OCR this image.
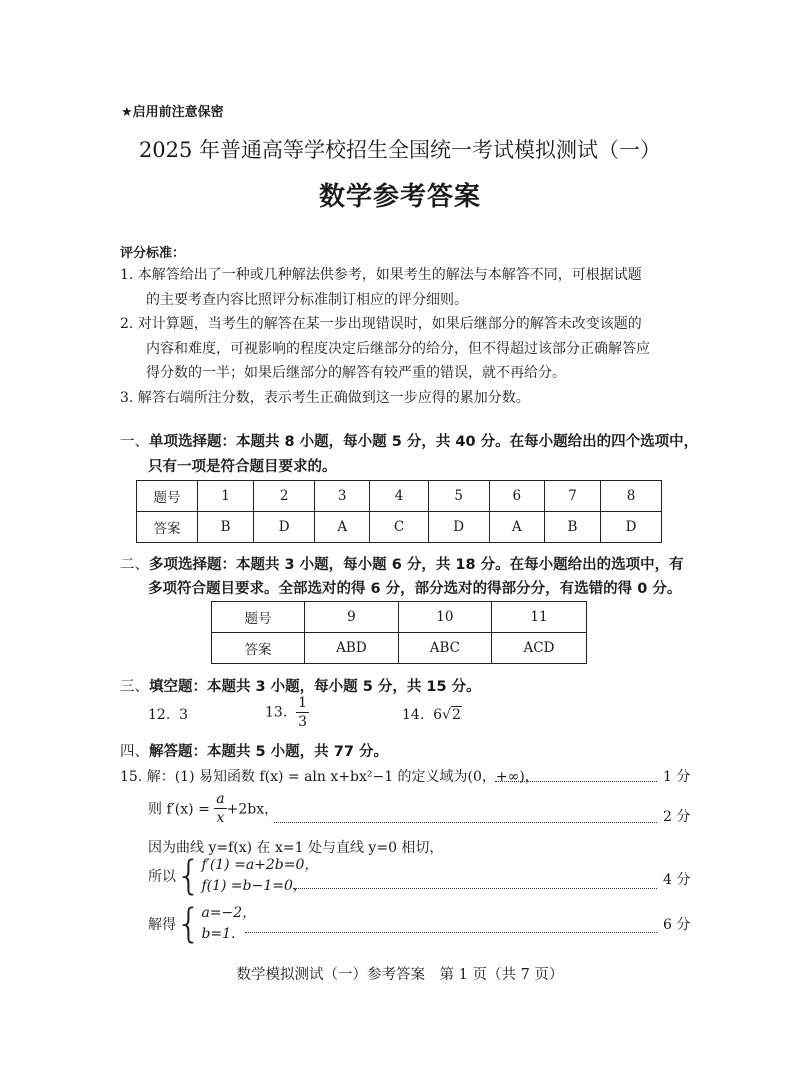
★启用前注意保密
2025 年普通高等学校招生全国统一考试模拟测试（一）
数学参考答案
评分标准：
1. 本解答给出了一种或几种解法供参考，如果考生的解法与本解答不同，可根据试题
的主要考查内容比照评分标准制订相应的评分细则。
2. 对计算题，当考生的解答在某一步出现错误时，如果后继部分的解答未改变该题的
内容和难度，可视影响的程度决定后继部分的给分，但不得超过该部分正确解答应
得分数的一半；如果后继部分的解答有较严重的错误，就不再给分。
3. 解答右端所注分数，表示考生正确做到这一步应得的累加分数。
一、单项选择题：本题共 8 小题，每小题 5 分，共 40 分。在每小题给出的四个选项中，
只有一项是符合题目要求的。
题号	1	2	3	4	5	6	7	8
答案	B	D	A	C	D	A	B	D
二、多项选择题：本题共 3 小题，每小题 6 分，共 18 分。在每小题给出的选项中，有
多项符合题目要求。全部选对的得 6 分，部分选对的得部分分，有选错的得 0 分。
题号	9	10	11
答案	ABD	ABC	ACD
三、填空题：本题共 3 小题，每小题 5 分，共 15 分。
12. 3	13. $\frac{1}{3}$	14. 6√2
四、解答题：本题共 5 小题，共 77 分。
15. 解：(1) 易知函数 f(x) = aln x+bx²−1 的定义域为(0，+∞)，	1 分
则 $f'(x) = \frac{a}{x} +2bx$，	2 分
因为曲线 y=f(x) 在 x=1 处与直线 y=0 相切，
所以{ f′(1) =a+2b=0，
f(1) =b−1=0，	4 分
解得{ a=−2，
b=1.
6 分
数学模拟测试（一）参考答案　第 1 页（共 7 页）
